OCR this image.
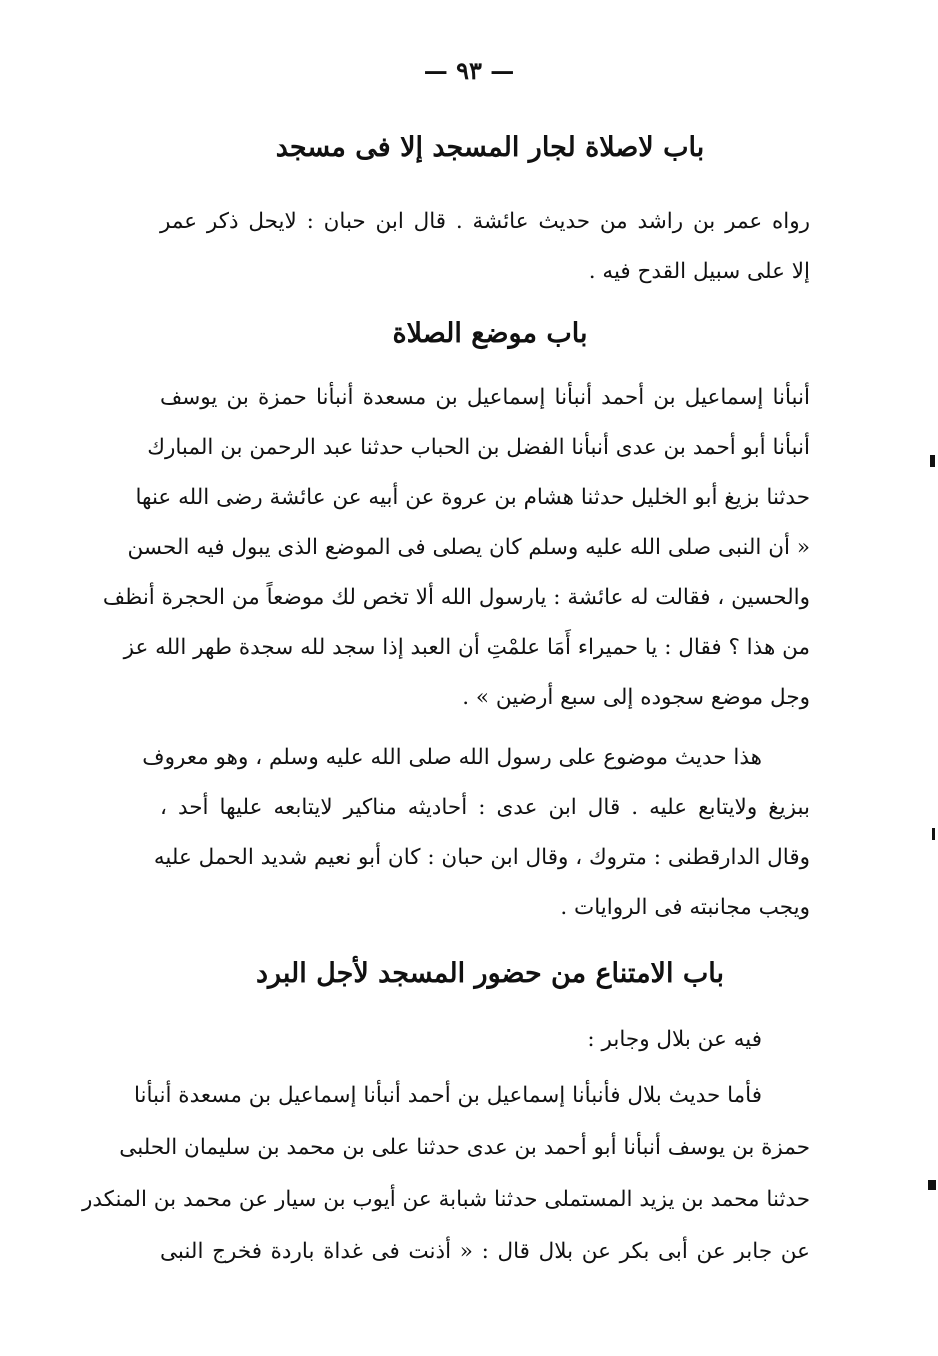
— ٩٣ —
باب لاصلاة لجار المسجد إلا فى مسجد
رواه عمر بن راشد من حديث عائشة . قال ابن حبان : لايحل ذكر عمر
إلا على سبيل القدح فيه .
باب موضع الصلاة
أنبأنا إسماعيل بن أحمد أنبأنا إسماعيل بن مسعدة أنبأنا حمزة بن يوسف
أنبأنا أبو أحمد بن عدى أنبأنا الفضل بن الحباب حدثنا عبد الرحمن بن المبارك
حدثنا بزيغ أبو الخليل حدثنا هشام بن عروة عن أبيه عن عائشة رضى الله عنها
« أن النبى صلى الله عليه وسلم كان يصلى فى الموضع الذى يبول فيه الحسن
والحسين ، فقالت له عائشة : يارسول الله ألا تخص لك موضعاً من الحجرة أنظف
من هذا ؟ فقال : يا حميراء أَمَا علمْتِ أن العبد إذا سجد لله سجدة طهر الله عز
وجل موضع سجوده إلى سبع أرضين » .
هذا حديث موضوع على رسول الله صلى الله عليه وسلم ، وهو معروف
ببزيغ ولايتابع عليه . قال ابن عدى : أحاديثه مناكير لايتابعه عليها أحد ،
وقال الدارقطنى : متروك ، وقال ابن حبان : كان أبو نعيم شديد الحمل عليه
ويجب مجانبته فى الروايات .
باب الامتناع من حضور المسجد لأجل البرد
فيه عن بلال وجابر :
فأما حديث بلال فأنبأنا إسماعيل بن أحمد أنبأنا إسماعيل بن مسعدة أنبأنا
حمزة بن يوسف أنبأنا أبو أحمد بن عدى حدثنا على بن محمد بن سليمان الحلبى
حدثنا محمد بن يزيد المستملى حدثنا شبابة عن أيوب بن سيار عن محمد بن المنكدر
عن جابر عن أبى بكر عن بلال قال : « أذنت فى غداة باردة فخرج النبى
